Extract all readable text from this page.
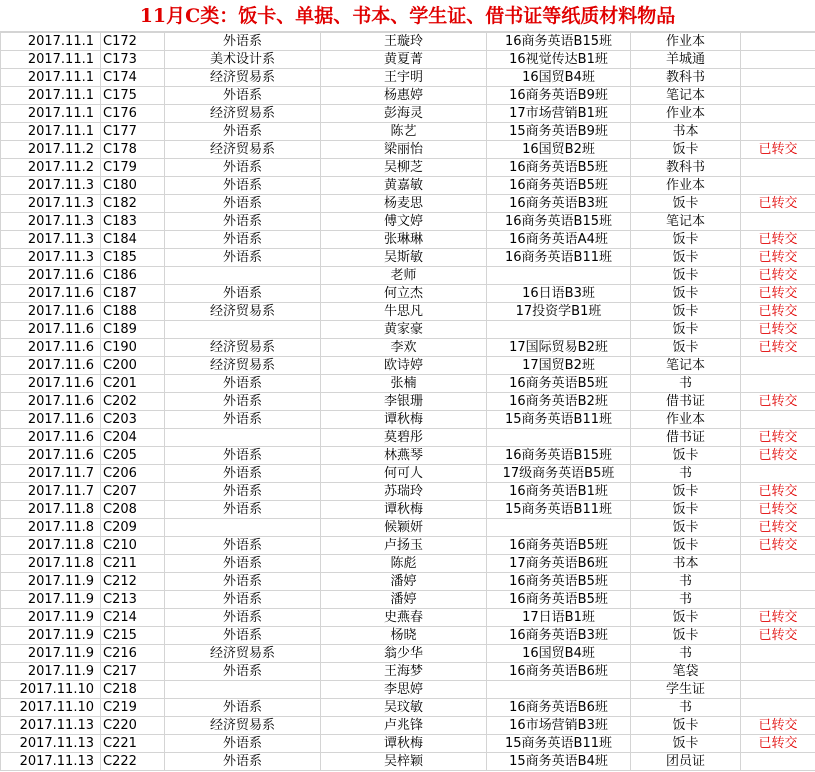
11月C类：饭卡、单据、书本、学生证、借书证等纸质材料物品
2017.11.1	C172	外语系	王璇玲	16商务英语B15班	作业本	
2017.11.1	C173	美术设计系	黄夏菁	16视觉传达B1班	羊城通	
2017.11.1	C174	经济贸易系	王宇明	16国贸B4班	教科书	
2017.11.1	C175	外语系	杨惠婷	16商务英语B9班	笔记本	
2017.11.1	C176	经济贸易系	彭海灵	17市场营销B1班	作业本	
2017.11.1	C177	外语系	陈艺	15商务英语B9班	书本	
2017.11.2	C178	经济贸易系	梁丽怡	16国贸B2班	饭卡	已转交
2017.11.2	C179	外语系	吴柳芝	16商务英语B5班	教科书	
2017.11.3	C180	外语系	黄嘉敏	16商务英语B5班	作业本	
2017.11.3	C182	外语系	杨麦思	16商务英语B3班	饭卡	已转交
2017.11.3	C183	外语系	傅文婷	16商务英语B15班	笔记本	
2017.11.3	C184	外语系	张琳琳	16商务英语A4班	饭卡	已转交
2017.11.3	C185	外语系	吴斯敏	16商务英语B11班	饭卡	已转交
2017.11.6	C186		老师		饭卡	已转交
2017.11.6	C187	外语系	何立杰	16日语B3班	饭卡	已转交
2017.11.6	C188	经济贸易系	牛思凡	17投资学B1班	饭卡	已转交
2017.11.6	C189		黄家豪		饭卡	已转交
2017.11.6	C190	经济贸易系	李欢	17国际贸易B2班	饭卡	已转交
2017.11.6	C200	经济贸易系	欧诗婷	17国贸B2班	笔记本	
2017.11.6	C201	外语系	张楠	16商务英语B5班	书	
2017.11.6	C202	外语系	李银珊	16商务英语B2班	借书证	已转交
2017.11.6	C203	外语系	谭秋梅	15商务英语B11班	作业本	
2017.11.6	C204		莫碧彤		借书证	已转交
2017.11.6	C205	外语系	林燕琴	16商务英语B15班	饭卡	已转交
2017.11.7	C206	外语系	何可人	17级商务英语B5班	书	
2017.11.7	C207	外语系	苏瑞玲	16商务英语B1班	饭卡	已转交
2017.11.8	C208	外语系	谭秋梅	15商务英语B11班	饭卡	已转交
2017.11.8	C209		候颖妍		饭卡	已转交
2017.11.8	C210	外语系	卢扬玉	16商务英语B5班	饭卡	已转交
2017.11.8	C211	外语系	陈彪	17商务英语B6班	书本	
2017.11.9	C212	外语系	潘婷	16商务英语B5班	书	
2017.11.9	C213	外语系	潘婷	16商务英语B5班	书	
2017.11.9	C214	外语系	史燕春	17日语B1班	饭卡	已转交
2017.11.9	C215	外语系	杨晓	16商务英语B3班	饭卡	已转交
2017.11.9	C216	经济贸易系	翁少华	16国贸B4班	书	
2017.11.9	C217	外语系	王海梦	16商务英语B6班	笔袋	
2017.11.10	C218		李思婷		学生证	
2017.11.10	C219	外语系	吴玟敏	16商务英语B6班	书	
2017.11.13	C220	经济贸易系	卢兆锋	16市场营销B3班	饭卡	已转交
2017.11.13	C221	外语系	谭秋梅	15商务英语B11班	饭卡	已转交
2017.11.13	C222	外语系	吴梓颖	15商务英语B4班	团员证	
